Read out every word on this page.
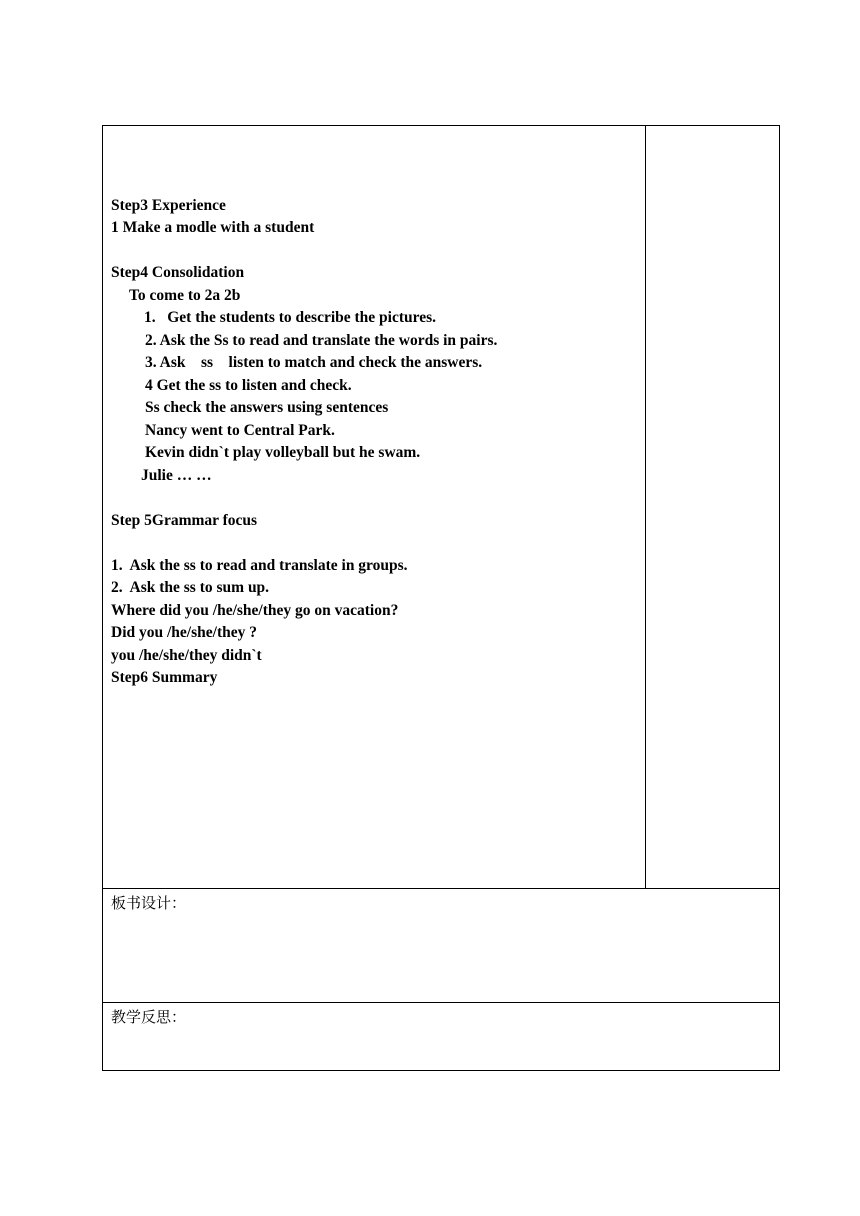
Step3 Experience
1 Make a modle with a student
Step4 Consolidation
To come to 2a 2b
1.   Get the students to describe the pictures.
2. Ask the Ss to read and translate the words in pairs.
3. Ask    ss    listen to match and check the answers.
4 Get the ss to listen and check.
Ss check the answers using sentences
Nancy went to Central Park.
Kevin didn`t play volleyball but he swam.
Julie … …
Step 5Grammar focus
1.  Ask the ss to read and translate in groups.
2.  Ask the ss to sum up.
Where did you /he/she/they go on vacation?
Did you /he/she/they ?
you /he/she/they didn`t
Step6 Summary
板书设计：
教学反思：
